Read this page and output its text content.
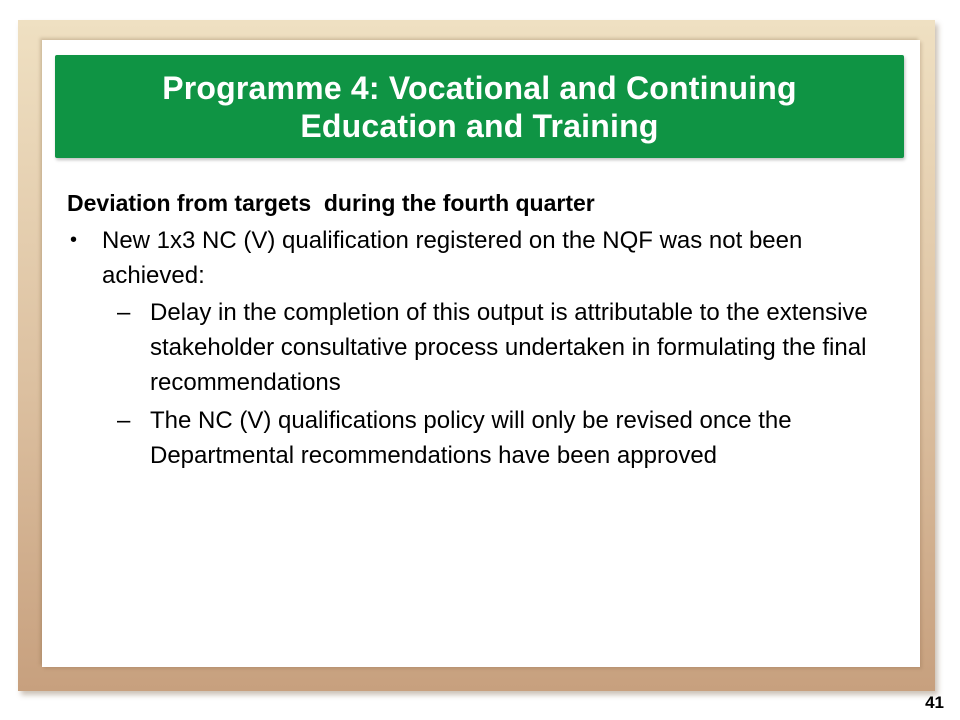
Programme 4: Vocational and Continuing
Education and Training
Deviation from targets  during the fourth quarter
• New 1x3 NC (V) qualification registered on the NQF was not been achieved:
– Delay in the completion of this output is attributable to the extensive stakeholder consultative process undertaken in formulating the final recommendations
– The NC (V) qualifications policy will only be revised once the Departmental recommendations have been approved
41
